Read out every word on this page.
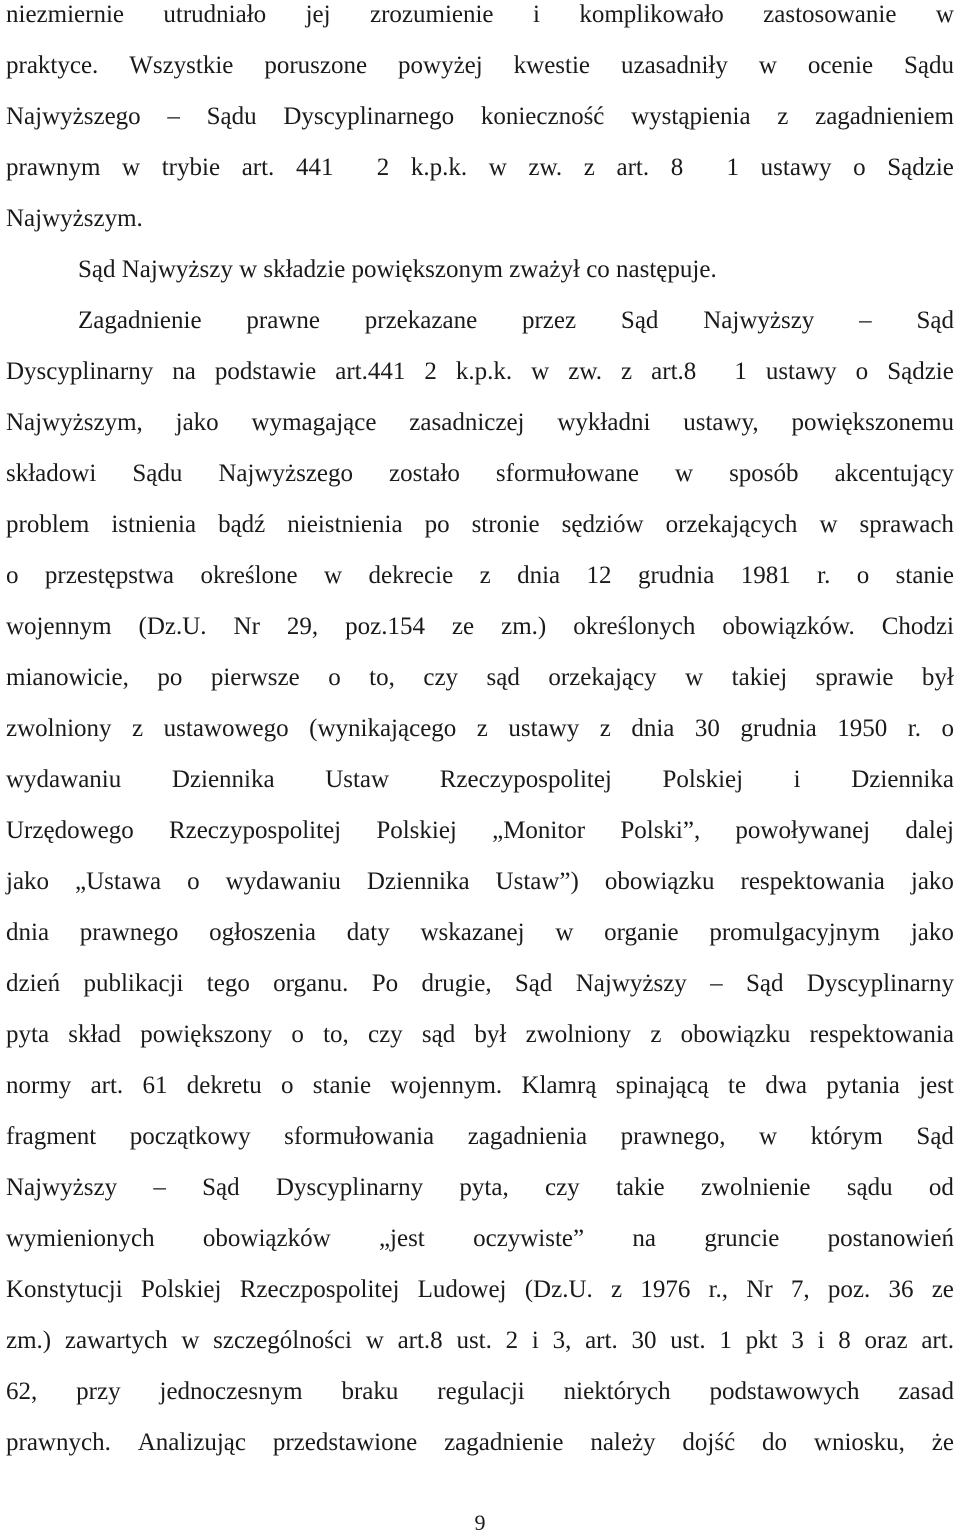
niezmiernie utrudniało jej zrozumienie i komplikowało zastosowanie w
praktyce. Wszystkie poruszone powyżej kwestie uzasadniły w ocenie Sądu
Najwyższego – Sądu Dyscyplinarnego konieczność wystąpienia z zagadnieniem
prawnym w trybie art. 441 2 k.p.k. w zw. z art. 8 1 ustawy o Sądzie
Najwyższym.
Sąd Najwyższy w składzie powiększonym zważył co następuje.
Zagadnienie prawne przekazane przez Sąd Najwyższy – Sąd
Dyscyplinarny na podstawie art.441 2 k.p.k. w zw. z art.8 1 ustawy o Sądzie
Najwyższym, jako wymagające zasadniczej wykładni ustawy, powiększonemu
składowi Sądu Najwyższego zostało sformułowane w sposób akcentujący
problem istnienia bądź nieistnienia po stronie sędziów orzekających w sprawach
o przestępstwa określone w dekrecie z dnia 12 grudnia 1981 r. o stanie
wojennym (Dz.U. Nr 29, poz.154 ze zm.) określonych obowiązków. Chodzi
mianowicie, po pierwsze o to, czy sąd orzekający w takiej sprawie był
zwolniony z ustawowego (wynikającego z ustawy z dnia 30 grudnia 1950 r. o
wydawaniu Dziennika Ustaw Rzeczypospolitej Polskiej i Dziennika
Urzędowego Rzeczypospolitej Polskiej „Monitor Polski”, powoływanej dalej
jako „Ustawa o wydawaniu Dziennika Ustaw”) obowiązku respektowania jako
dnia prawnego ogłoszenia daty wskazanej w organie promulgacyjnym jako
dzień publikacji tego organu. Po drugie, Sąd Najwyższy – Sąd Dyscyplinarny
pyta skład powiększony o to, czy sąd był zwolniony z obowiązku respektowania
normy art. 61 dekretu o stanie wojennym. Klamrą spinającą te dwa pytania jest
fragment początkowy sformułowania zagadnienia prawnego, w którym Sąd
Najwyższy – Sąd Dyscyplinarny pyta, czy takie zwolnienie sądu od
wymienionych obowiązków „jest oczywiste” na gruncie postanowień
Konstytucji Polskiej Rzeczpospolitej Ludowej (Dz.U. z 1976 r., Nr 7, poz. 36 ze
zm.) zawartych w szczególności w art.8 ust. 2 i 3, art. 30 ust. 1 pkt 3 i 8 oraz art.
62, przy jednoczesnym braku regulacji niektórych podstawowych zasad
prawnych. Analizując przedstawione zagadnienie należy dojść do wniosku, że
9
